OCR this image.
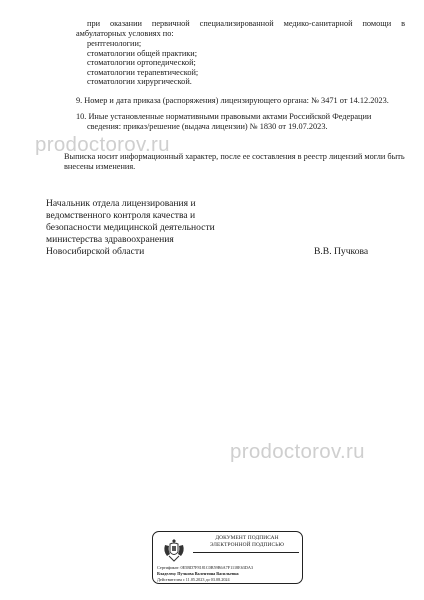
при оказании первичной специализированной медико-санитарной помощи в амбулаторных условиях по:
рентгенологии;
стоматологии общей практики;
стоматологии ортопедической;
стоматологии терапевтической;
стоматологии хирургической.
9. Номер и дата приказа (распоряжения) лицензирующего органа: № 3471 от 14.12.2023.
10. Иные установленные нормативными правовыми актами Российской Федерации
сведения: приказ/решение (выдача лицензии) № 1830 от 19.07.2023.
prodoctorov.ru
Выписка носит информационный характер, после ее составления в реестр лицензий могли быть внесены изменения.
Начальник отдела лицензирования и
ведомственного контроля качества и
безопасности медицинской деятельности
министерства здравоохранения
Новосибирской области	В.В. Пучкова
prodoctorov.ru
ДОКУМЕНТ ПОДПИСАН
ЭЛЕКТРОННОЙ ПОДПИСЬЮ
Сертификат: 0E5BD7F8181C0B59B6A7F1118E63DA3
Владелец: Пучкова Валентина Васильевна
Действителен с 11.05.2023 до 03.08.2024
